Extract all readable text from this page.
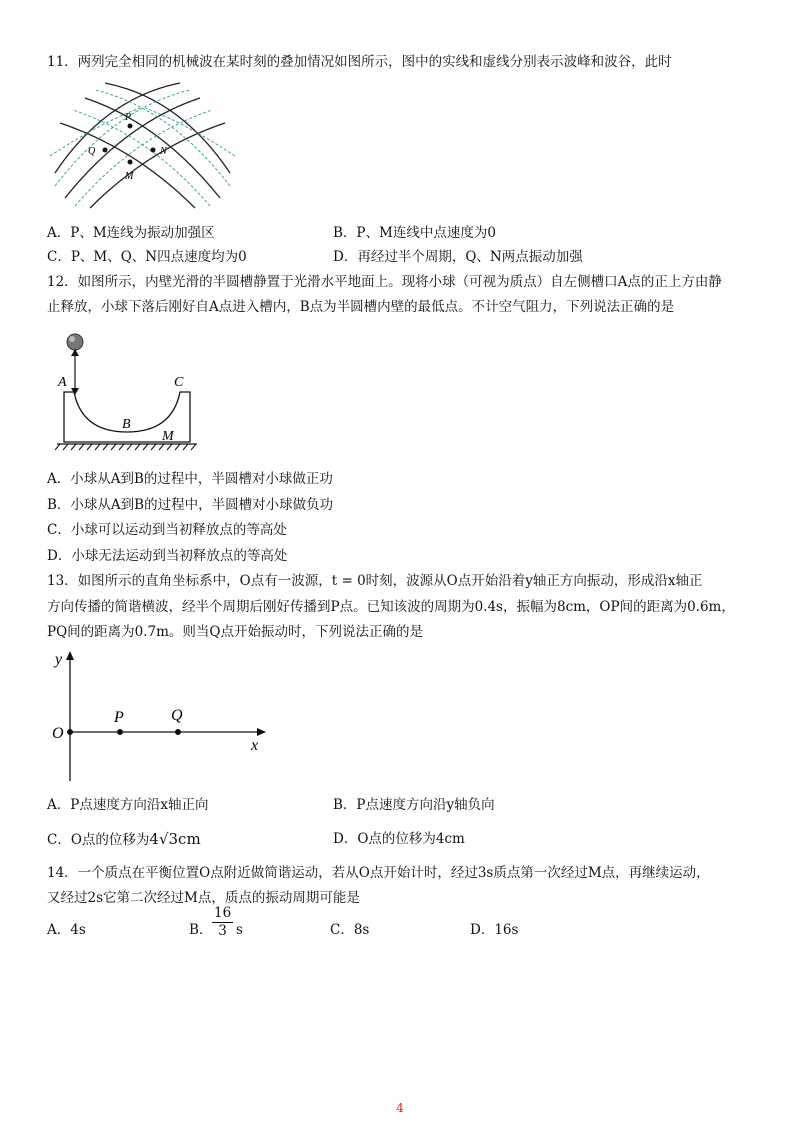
11．两列完全相同的机械波在某时刻的叠加情况如图所示，图中的实线和虚线分别表示波峰和波谷，此时
P
Q	N
M
A．P、M连线为振动加强区	B．P、M连线中点速度为0
C．P、M、Q、N四点速度均为0	D．再经过半个周期，Q、N两点振动加强
12．如图所示，内壁光滑的半圆槽静置于光滑水平地面上。现将小球（可视为质点）自左侧槽口A点的正上方由静
止释放，小球下落后刚好自A点进入槽内，B点为半圆槽内壁的最低点。不计空气阻力，下列说法正确的是
A	C
B
M
A．小球从A到B的过程中，半圆槽对小球做正功
B．小球从A到B的过程中，半圆槽对小球做负功
C．小球可以运动到当初释放点的等高处
D．小球无法运动到当初释放点的等高处
13．如图所示的直角坐标系中，O点有一波源，t = 0时刻，波源从O点开始沿着y轴正方向振动，形成沿x轴正
方向传播的简谐横波，经半个周期后刚好传播到P点。已知该波的周期为0.4s，振幅为8cm，OP间的距离为0.6m，
PQ间的距离为0.7m。则当Q点开始振动时，下列说法正确的是
y
O
P	Q
x
A．P点速度方向沿x轴正向	B．P点速度方向沿y轴负向
C．O点的位移为4√3cm	D．O点的位移为4cm
14．一个质点在平衡位置O点附近做简谐运动，若从O点开始计时，经过3s质点第一次经过M点，再继续运动，
又经过2s它第二次经过M点，质点的振动周期可能是
A．4s	B． $\frac{16}{3}$ s	C．8s	D．16s
4
